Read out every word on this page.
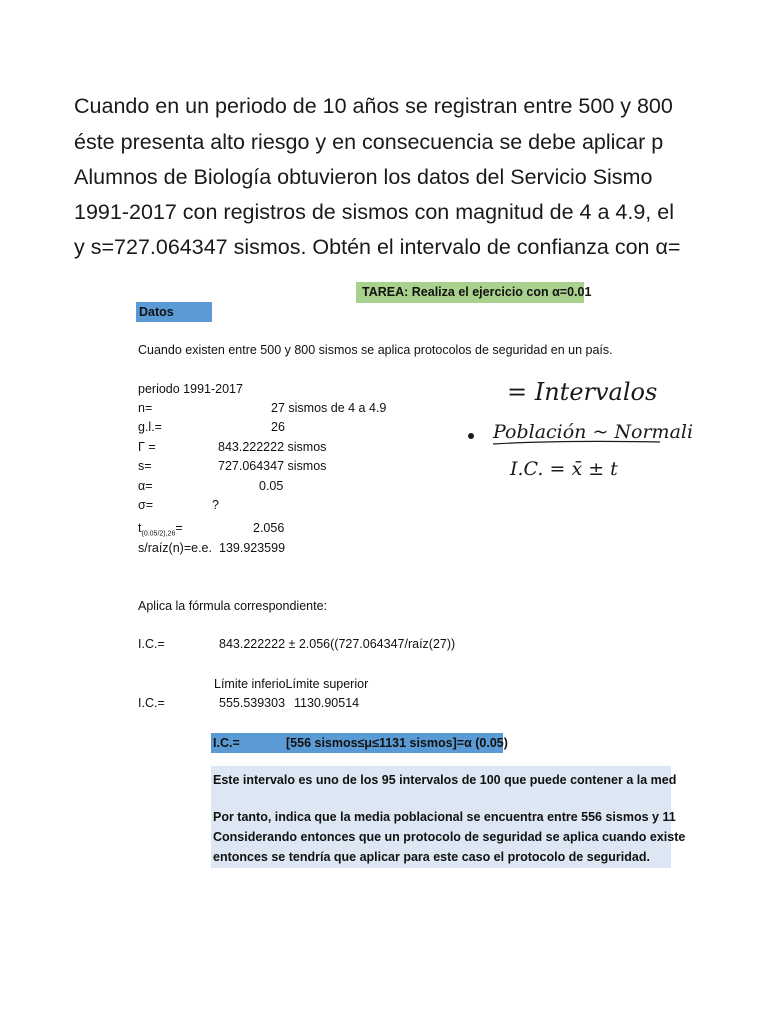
Cuando en un periodo de 10 años se registran entre 500 y 800
éste presenta alto riesgo y en consecuencia se debe aplicar p
Alumnos de Biología obtuvieron los datos del Servicio Sismo
1991-2017 con registros de sismos con magnitud de 4 a 4.9, el
y s=727.064347 sismos. Obtén el intervalo de confianza con α=
TAREA: Realiza el ejercicio con α=0.01
Datos
Cuando existen entre 500 y 800 sismos se aplica protocolos de seguridad en un país.
periodo 1991-2017
n=	27 sismos de 4 a 4.9
g.l.=	26
Γ =	843.222222 sismos
s=	727.064347 sismos
α=	0.05
σ=	?
$t_{(0.05/2),26}=$	2.056
s/raíz(n)=e.e. 139.923599
Aplica la fórmula correspondiente:
I.C.=	843.222222 ± 2.056((727.064347/raíz(27))
Límite inferioLímite superior
I.C.=	555.539303 1130.90514
I.C.=	[556 sismos≤μ≤1131 sismos]=α (0.05)
Este intervalo es uno de los 95 intervalos de 100 que puede contener a la med
Por tanto, indica que la media poblacional se encuentra entre 556 sismos y 11
Considerando entonces que un protocolo de seguridad se aplica cuando existe
entonces se tendría que aplicar para este caso el protocolo de seguridad.
= Intervalos
Población ~ Normali
I.C. = x̄ ± t
